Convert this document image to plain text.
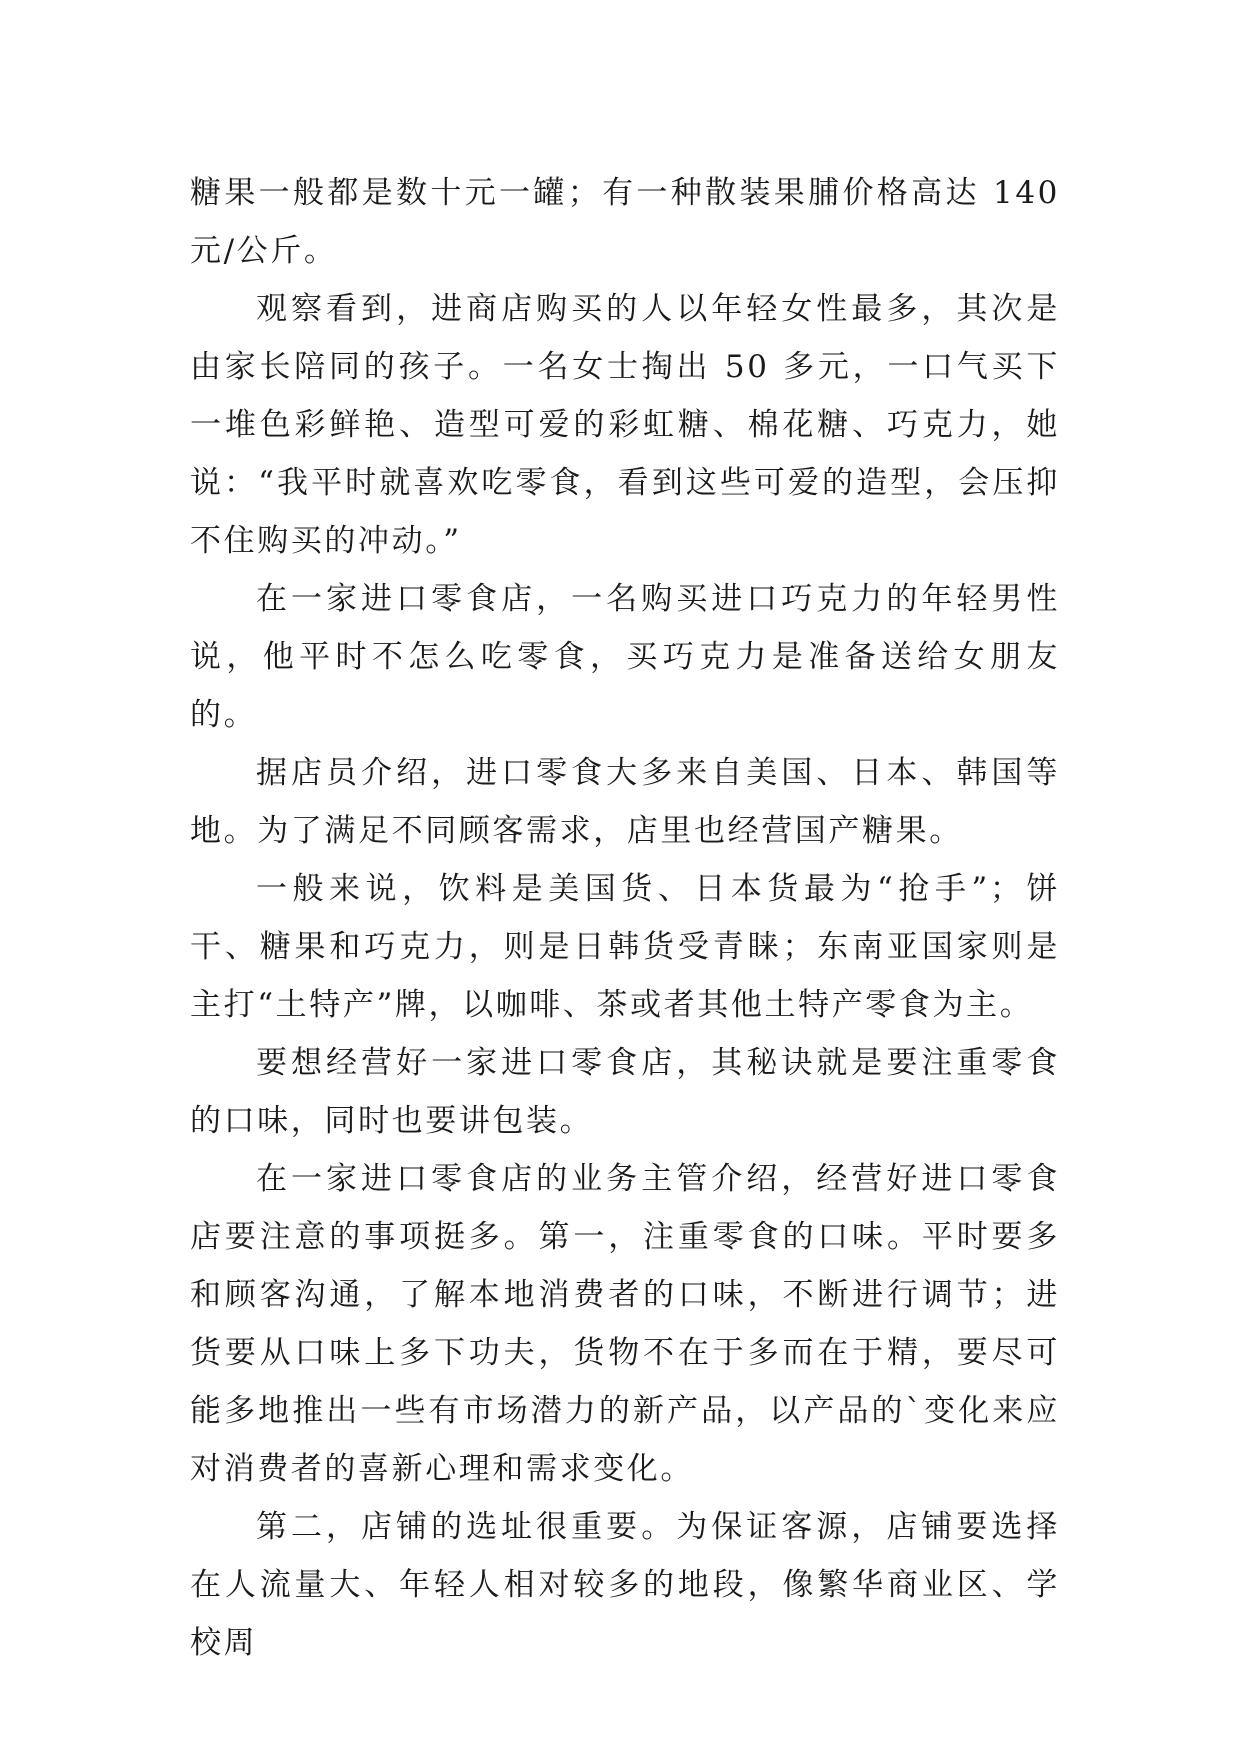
糖果一般都是数十元一罐；有一种散装果脯价格高达 140 元/公斤。

观察看到，进商店购买的人以年轻女性最多，其次是由家长陪同的孩子。一名女士掏出 50 多元，一口气买下一堆色彩鲜艳、造型可爱的彩虹糖、棉花糖、巧克力，她说：“我平时就喜欢吃零食，看到这些可爱的造型，会压抑不住购买的冲动。”

在一家进口零食店，一名购买进口巧克力的年轻男性说，他平时不怎么吃零食，买巧克力是准备送给女朋友的。

据店员介绍，进口零食大多来自美国、日本、韩国等地。为了满足不同顾客需求，店里也经营国产糖果。

一般来说，饮料是美国货、日本货最为“抢手”；饼干、糖果和巧克力，则是日韩货受青睐；东南亚国家则是主打“土特产”牌，以咖啡、茶或者其他土特产零食为主。

要想经营好一家进口零食店，其秘诀就是要注重零食的口味，同时也要讲包装。

在一家进口零食店的业务主管介绍，经营好进口零食店要注意的事项挺多。第一，注重零食的口味。平时要多和顾客沟通，了解本地消费者的口味，不断进行调节；进货要从口味上多下功夫，货物不在于多而在于精，要尽可能多地推出一些有市场潜力的新产品，以产品的`变化来应对消费者的喜新心理和需求变化。

第二，店铺的选址很重要。为保证客源，店铺要选择在人流量大、年轻人相对较多的地段，像繁华商业区、学校周
